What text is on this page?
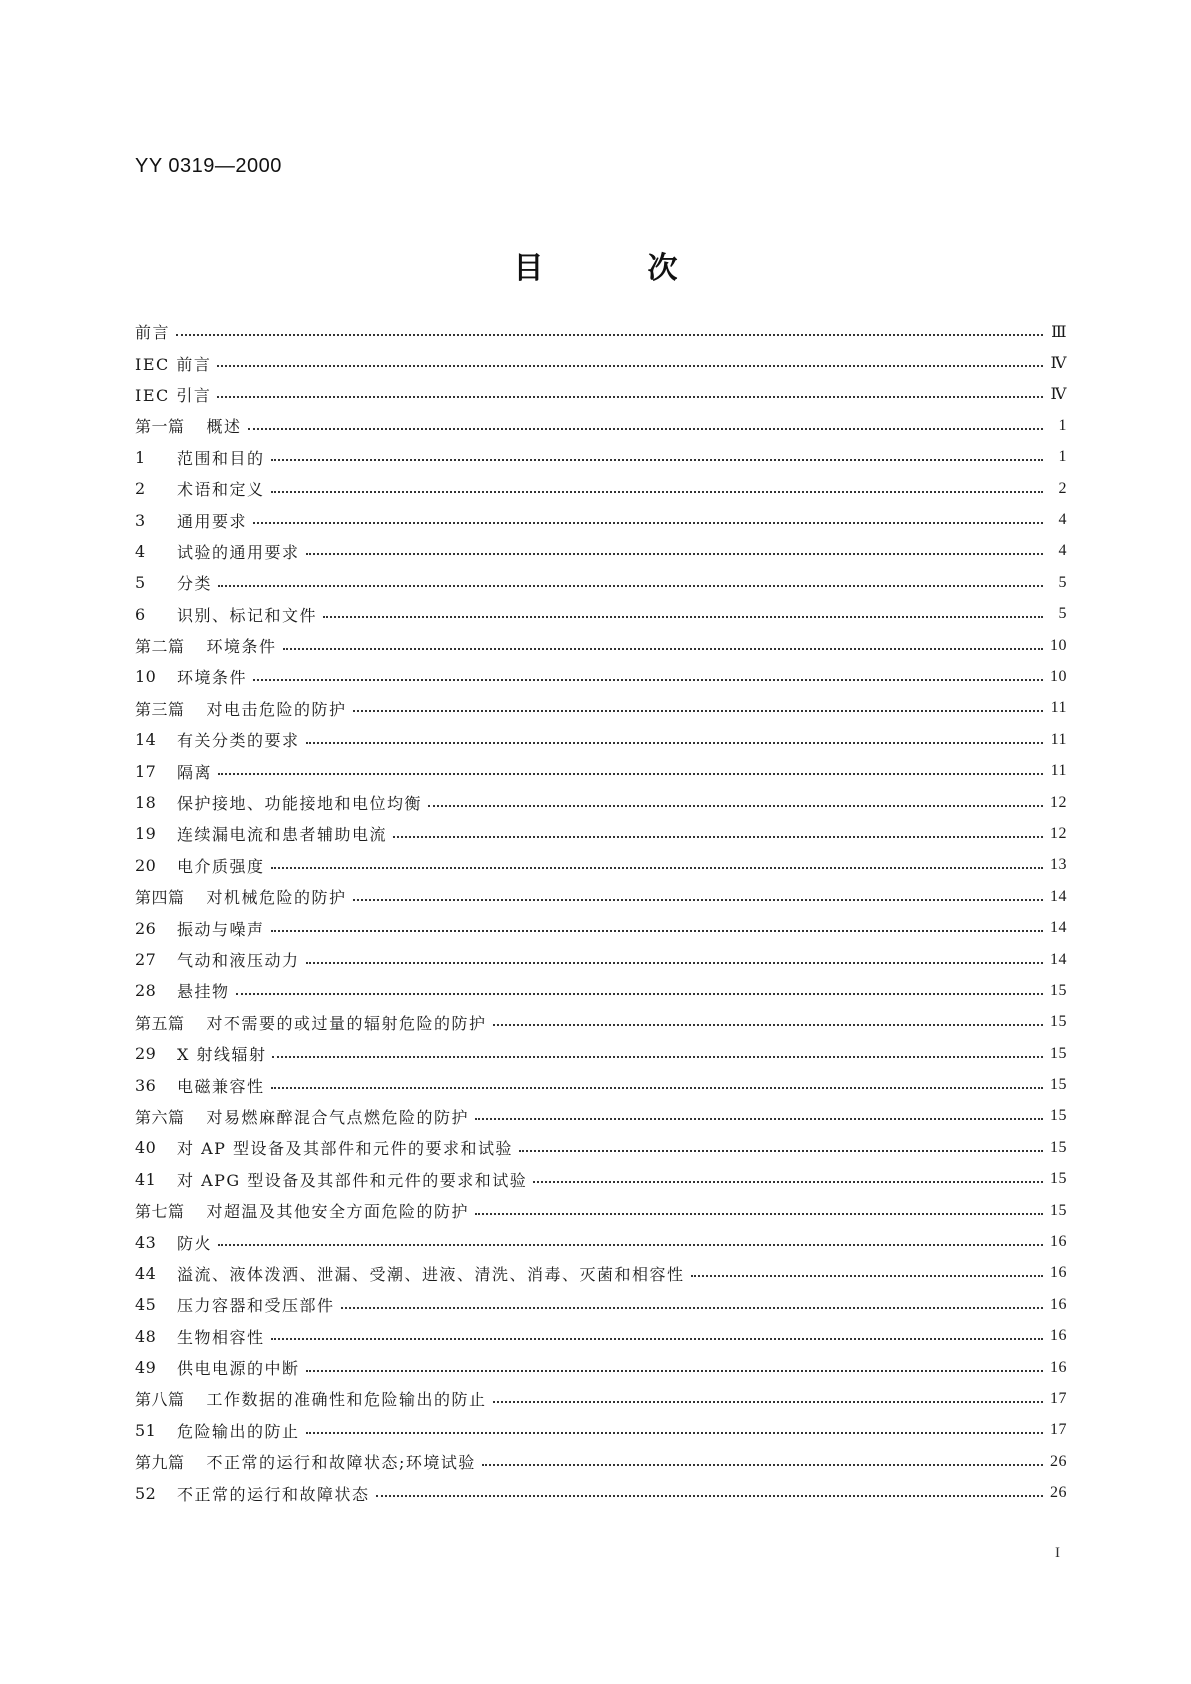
YY 0319—2000
目	次
前言	Ⅲ
IEC 前言	Ⅳ
IEC 引言	Ⅳ
第一篇 概述	1
1	范围和目的	1
2	术语和定义	2
3	通用要求	4
4	试验的通用要求	4
5	分类	5
6	识别、标记和文件	5
第二篇 环境条件	10
10	环境条件	10
第三篇 对电击危险的防护	11
14	有关分类的要求	11
17	隔离	11
18	保护接地、功能接地和电位均衡	12
19	连续漏电流和患者辅助电流	12
20	电介质强度	13
第四篇 对机械危险的防护	14
26	振动与噪声	14
27	气动和液压动力	14
28	悬挂物	15
第五篇 对不需要的或过量的辐射危险的防护	15
29	X 射线辐射	15
36	电磁兼容性	15
第六篇 对易燃麻醉混合气点燃危险的防护	15
40	对 AP 型设备及其部件和元件的要求和试验	15
41	对 APG 型设备及其部件和元件的要求和试验	15
第七篇 对超温及其他安全方面危险的防护	15
43	防火	16
44	溢流、液体泼洒、泄漏、受潮、进液、清洗、消毒、灭菌和相容性	16
45	压力容器和受压部件	16
48	生物相容性	16
49	供电电源的中断	16
第八篇 工作数据的准确性和危险输出的防止	17
51	危险输出的防止	17
第九篇 不正常的运行和故障状态;环境试验	26
52	不正常的运行和故障状态	26
I
